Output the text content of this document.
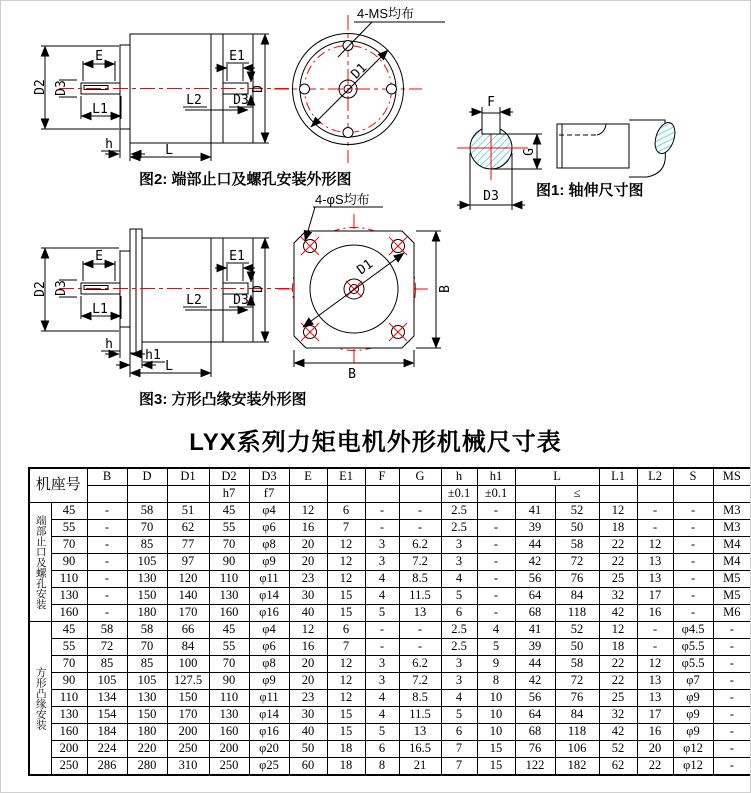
D2 D3
E
L1
h	L
E1
L2 D3
D
D1
4-MS均布
F
G
D3
D2 D3
E
L1
h
h1
L
E1
L2 D3
D
D1
B
B
4-φS均布
图2: 端部止口及螺孔安装外形图
图1: 轴伸尺寸图
图3: 方形凸缘安装外形图
LYX系列力矩电机外形机械尺寸表
机座号		B	D	D1	D2	D3	E	E1	F	G	h	h1	L		L1	L2	S	MS
					h7	f7					±0.1	±0.1		≤				
端部止口及螺孔安装	45	-	58	51	45	φ4	12	6	-	-	2.5	-	41	52	12	-	-	M3
	55	-	70	62	55	φ6	16	7	-	-	2.5	-	39	50	18	-	-	M3
	70	-	85	77	70	φ8	20	12	3	6.2	3	-	44	58	22	12	-	M4
	90	-	105	97	90	φ9	20	12	3	7.2	3	-	42	72	22	13	-	M4
	110	-	130	120	110	φ11	23	12	4	8.5	4	-	56	76	25	13	-	M5
	130	-	150	140	130	φ14	30	15	4	11.5	5	-	64	84	32	17	-	M5
	160	-	180	170	160	φ16	40	15	5	13	6	-	68	118	42	16	-	M6
方形凸缘安装	45	58	58	66	45	φ4	12	6	-	-	2.5	4	41	52	12	-	φ4.5	-
	55	72	70	84	55	φ6	16	7	-	-	2.5	5	39	50	18	-	φ5.5	-
	70	85	85	100	70	φ8	20	12	3	6.2	3	9	44	58	22	12	φ5.5	-
	90	105	105	127.5	90	φ9	20	12	3	7.2	3	8	42	72	22	13	φ7	-
	110	134	130	150	110	φ11	23	12	4	8.5	4	10	56	76	25	13	φ9	-
	130	154	150	170	130	φ14	30	15	4	11.5	5	10	64	84	32	17	φ9	-
	160	184	180	200	160	φ16	40	15	5	13	6	10	68	118	42	16	φ9	-
	200	224	220	250	200	φ20	50	18	6	16.5	7	15	76	106	52	20	φ12	-
	250	286	280	310	250	φ25	60	18	8	21	7	15	122	182	62	22	φ12	-
